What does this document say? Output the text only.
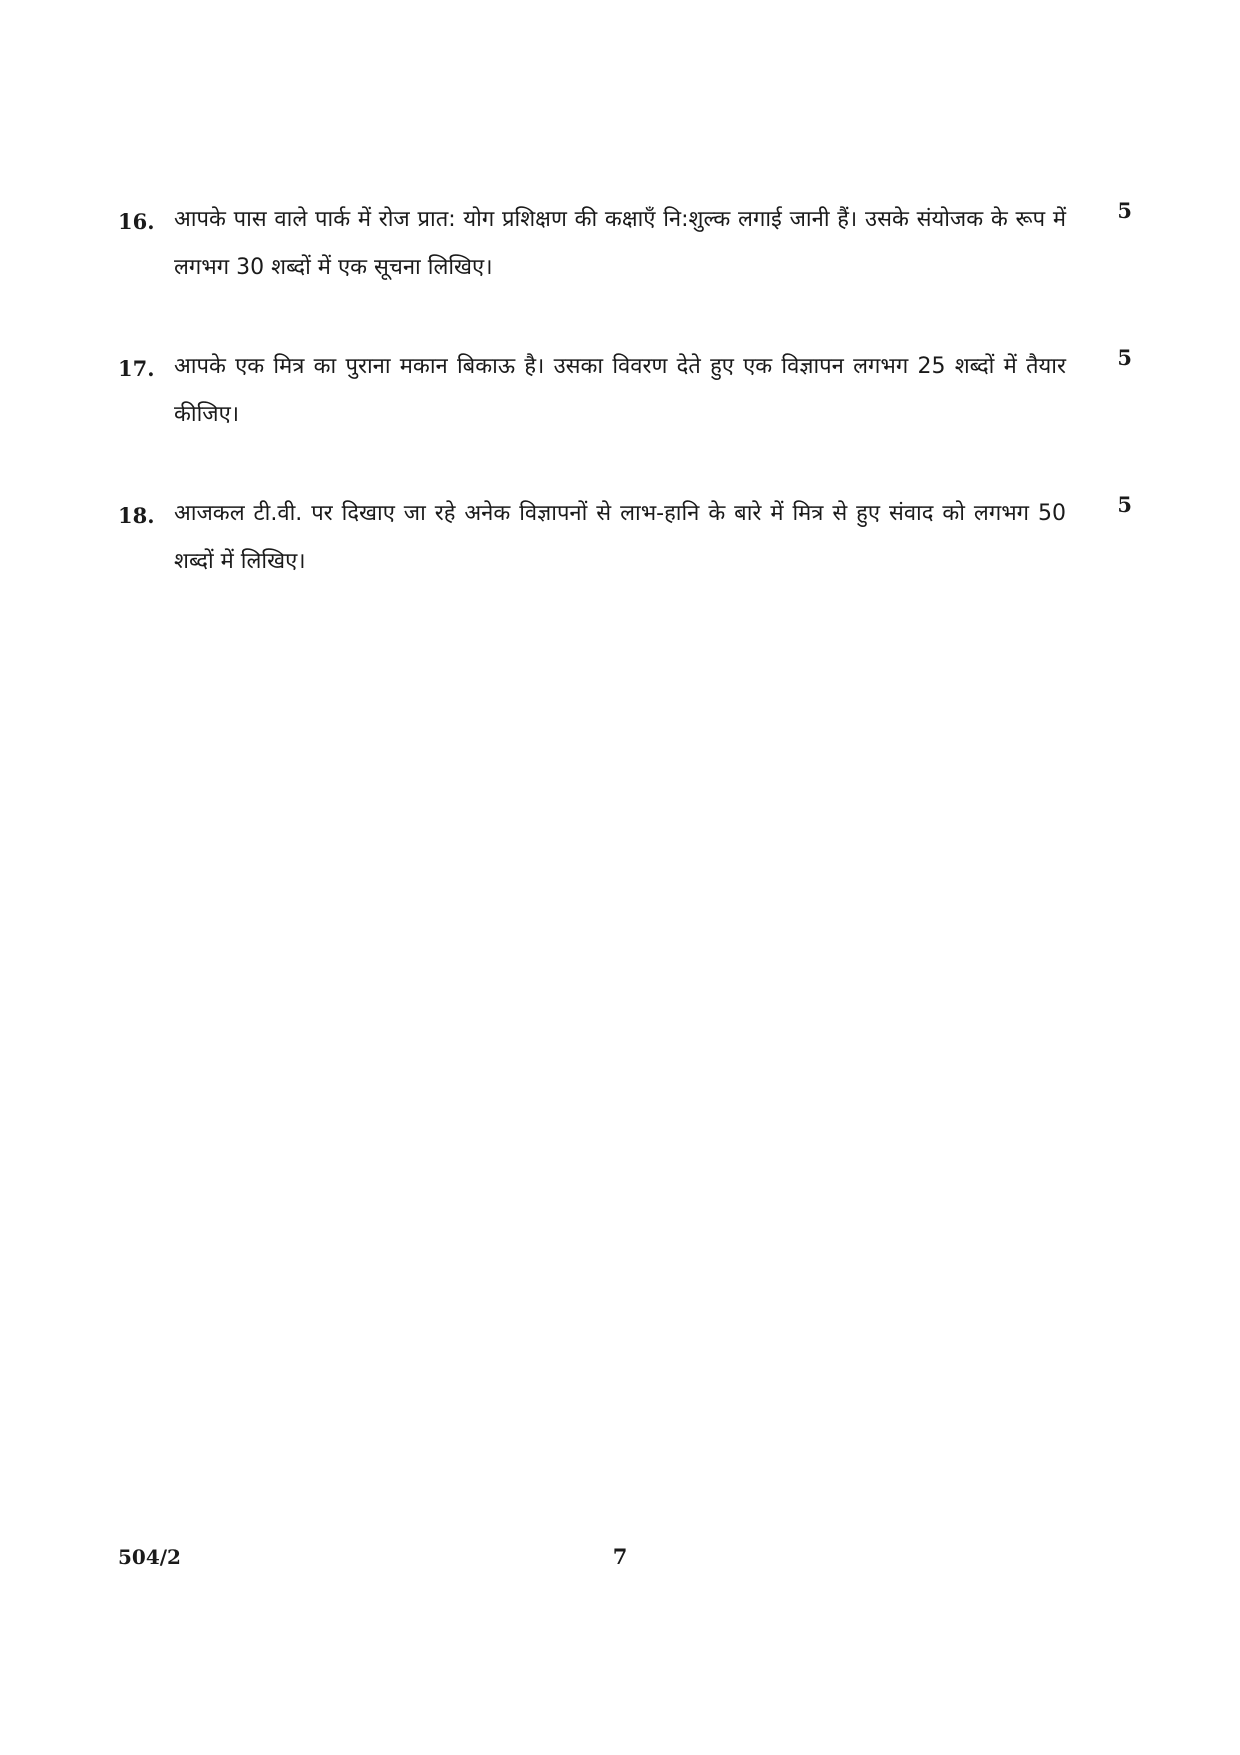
16. आपके पास वाले पार्क में रोज प्रात: योग प्रशिक्षण की कक्षाएँ नि:शुल्क लगाई जानी हैं। उसके संयोजक के रूप में लगभग 30 शब्दों में एक सूचना लिखिए।
5
17. आपके एक मित्र का पुराना मकान बिकाऊ है। उसका विवरण देते हुए एक विज्ञापन लगभग 25 शब्दों में तैयार कीजिए।
5
18. आजकल टी.वी. पर दिखाए जा रहे अनेक विज्ञापनों से लाभ-हानि के बारे में मित्र से हुए संवाद को लगभग 50 शब्दों में लिखिए।
5
504/2	7
